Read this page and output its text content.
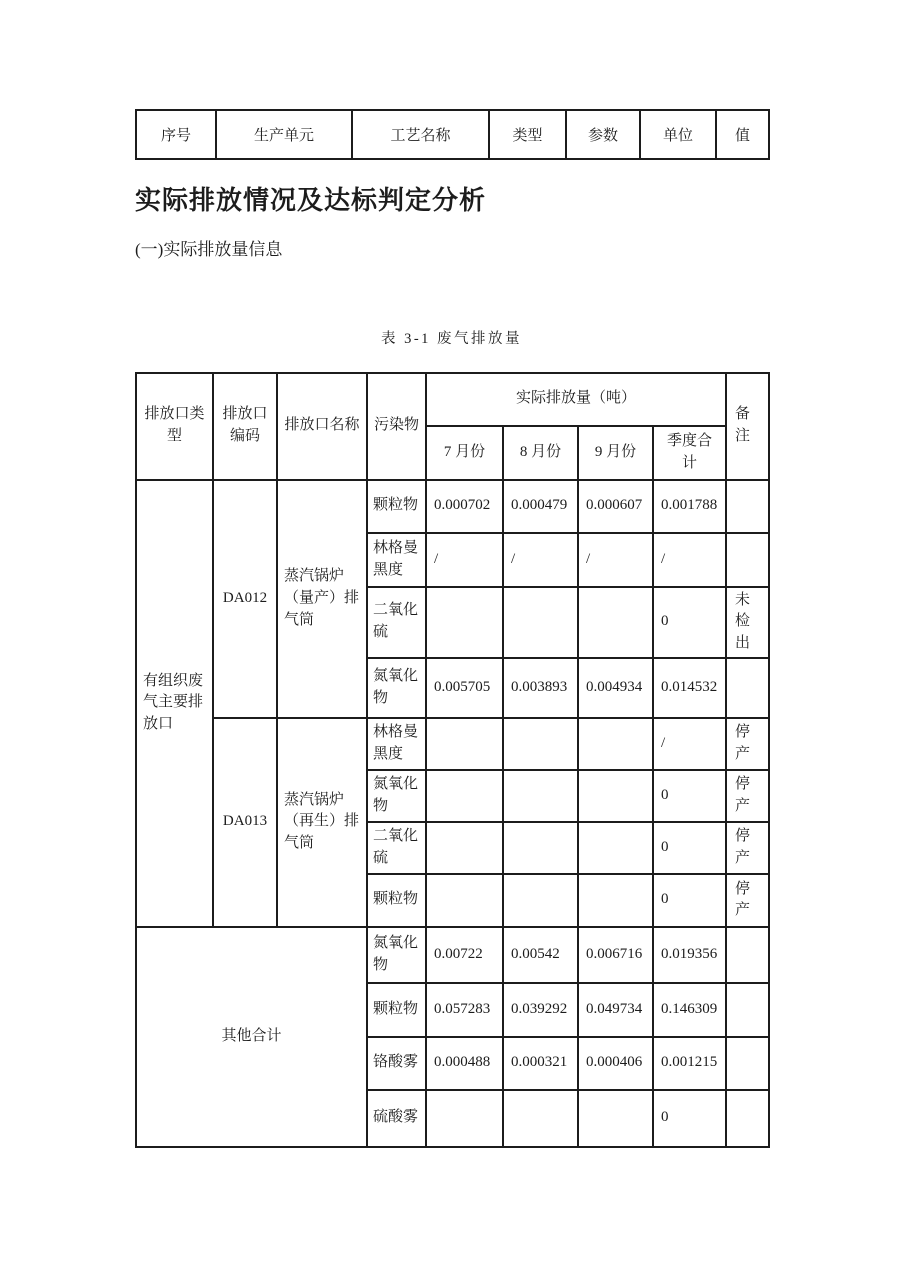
序号	生产单元	工艺名称	类型	参数	单位	值
实际排放情况及达标判定分析
(一)实际排放量信息
表 3-1 废气排放量
排放口类型	排放口编码	排放口名称	污染物	实际排放量（吨）				备注
				7 月份	8 月份	9 月份	季度合计	
有组织废气主要排放口	DA012	蒸汽锅炉（量产）排气筒	颗粒物	0.000702	0.000479	0.000607	0.001788	
			林格曼黑度	/	/	/	/	
			二氧化硫				0	未检出
			氮氧化物	0.005705	0.003893	0.004934	0.014532	
	DA013	蒸汽锅炉（再生）排气筒	林格曼黑度				/	停产
			氮氧化物				0	停产
			二氧化硫				0	停产
			颗粒物				0	停产
其他合计			氮氧化物	0.00722	0.00542	0.006716	0.019356	
			颗粒物	0.057283	0.039292	0.049734	0.146309	
			铬酸雾	0.000488	0.000321	0.000406	0.001215	
			硫酸雾				0	
